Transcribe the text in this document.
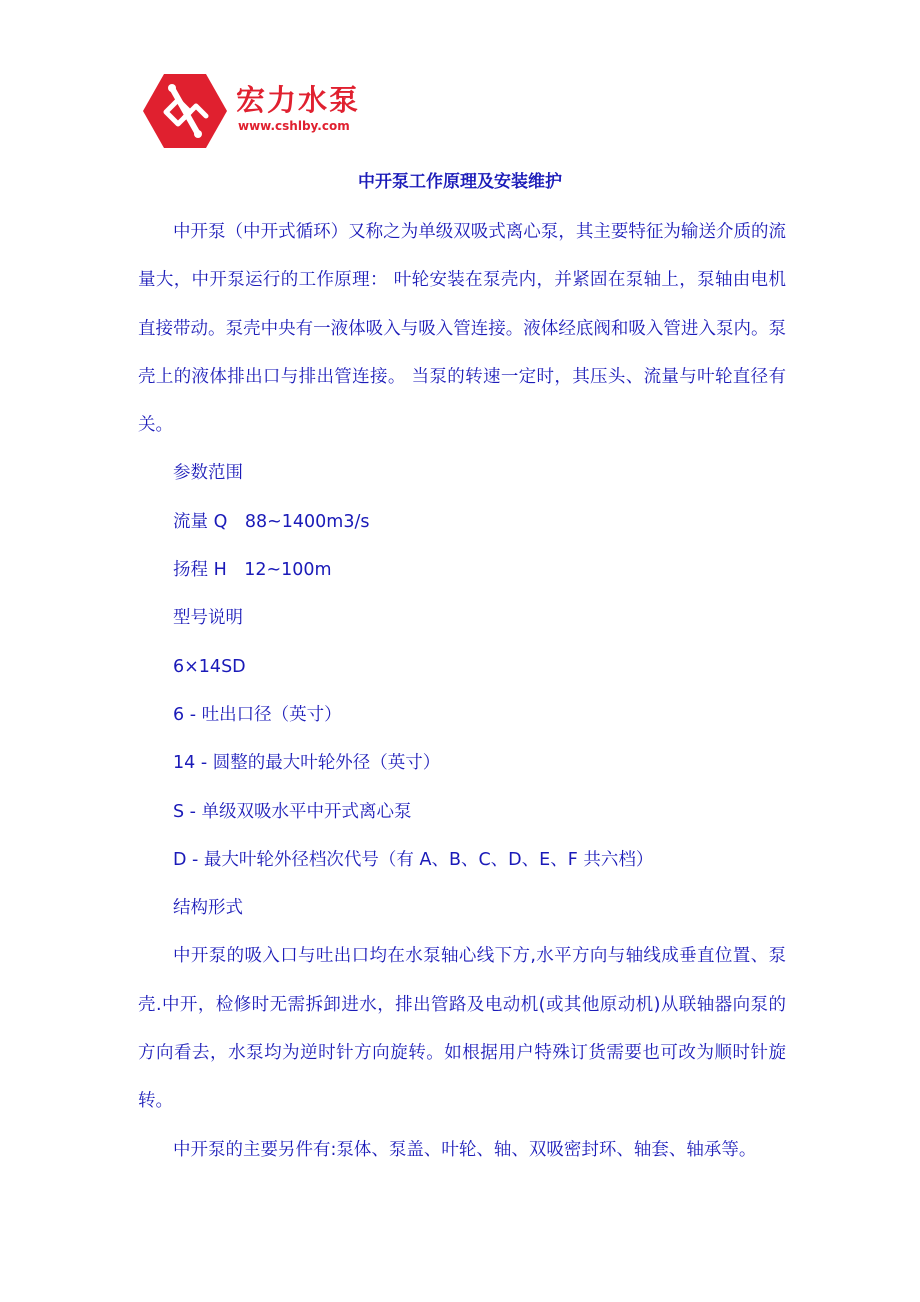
宏力水泵
www.cshlby.com
中开泵工作原理及安装维护

中开泵（中开式循环）又称之为单级双吸式离心泵，其主要特征为输送介质的流量大，中开泵运行的工作原理： 叶轮安装在泵壳内，并紧固在泵轴上，泵轴由电机直接带动。泵壳中央有一液体吸入与吸入管连接。液体经底阀和吸入管进入泵内。泵壳上的液体排出口与排出管连接。 当泵的转速一定时，其压头、流量与叶轮直径有关。

参数范围

流量 Q　88~1400m3/s

扬程 H　12~100m

型号说明

6×14SD

6 - 吐出口径（英寸）

14 - 圆整的最大叶轮外径（英寸）

S - 单级双吸水平中开式离心泵

D - 最大叶轮外径档次代号（有 A、B、C、D、E、F 共六档）

结构形式

中开泵的吸入口与吐出口均在水泵轴心线下方,水平方向与轴线成垂直位置、泵壳.中开，检修时无需拆卸进水，排出管路及电动机(或其他原动机)从联轴器向泵的方向看去，水泵均为逆时针方向旋转。如根据用户特殊订货需要也可改为顺时针旋转。

中开泵的主要另件有:泵体、泵盖、叶轮、轴、双吸密封环、轴套、轴承等。
